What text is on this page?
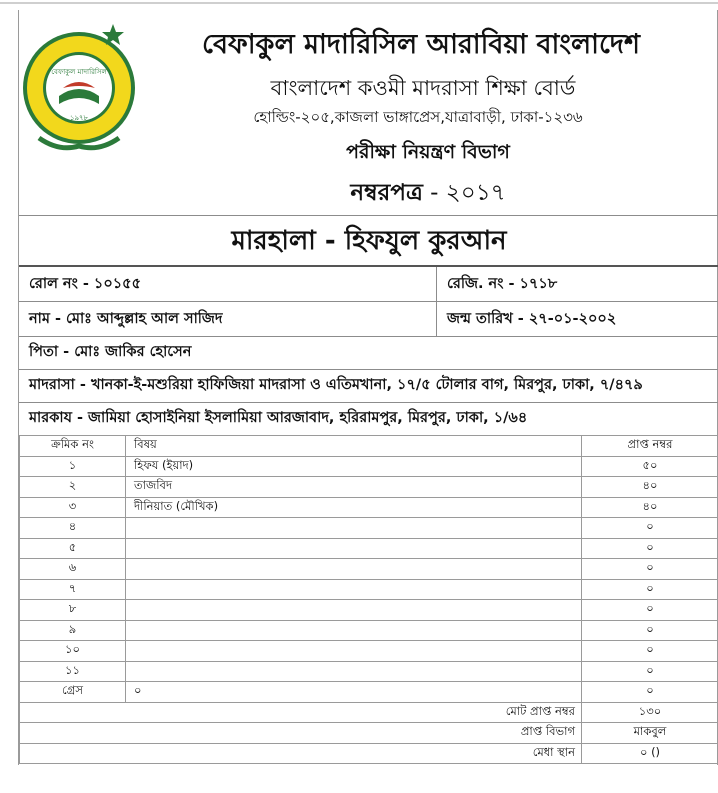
বেফাকুল মাদারিসিল
১৯৭৮
বেফাকুল মাদারিসিল আরাবিয়া বাংলাদেশ
বাংলাদেশ কওমী মাদরাসা শিক্ষা বোর্ড
হোল্ডিং-২০৫,কাজলা ভাঙ্গাপ্রেস,যাত্রাবাড়ী, ঢাকা-১২৩৬
পরীক্ষা নিয়ন্ত্রণ বিভাগ
নম্বরপত্র - ২০১৭
মারহালা - হিফযুল কুরআন
রোল নং - ১০১৫৫	রেজি. নং - ১৭১৮
নাম - মোঃ আব্দুল্লাহ আল সাজিদ	জন্ম তারিখ - ২৭-০১-২০০২
পিতা - মোঃ জাকির হোসেন
মাদরাসা - খানকা-ই-মশুরিয়া হাফিজিয়া মাদরাসা ও এতিমখানা, ১৭/৫ টোলার বাগ, মিরপুর, ঢাকা, ৭/৪৭৯
মারকায - জামিয়া হোসাইনিয়া ইসলামিয়া আরজাবাদ, হরিরামপুর, মিরপুর, ঢাকা, ১/৬৪
ক্রমিক নং	বিষয়	প্রাপ্ত নম্বর
১	হিফয (ইয়াদ)	৫০
২	তাজবিদ	৪০
৩	দীনিয়াত (মৌখিক)	৪০
৪		০
৫		০
৬		০
৭		০
৮		০
৯		০
১০		০
১১		০
গ্রেস	০	০
মোট প্রাপ্ত নম্বর		১৩০
প্রাপ্ত বিভাগ		মাকবুল
মেধা স্থান		০ ()
